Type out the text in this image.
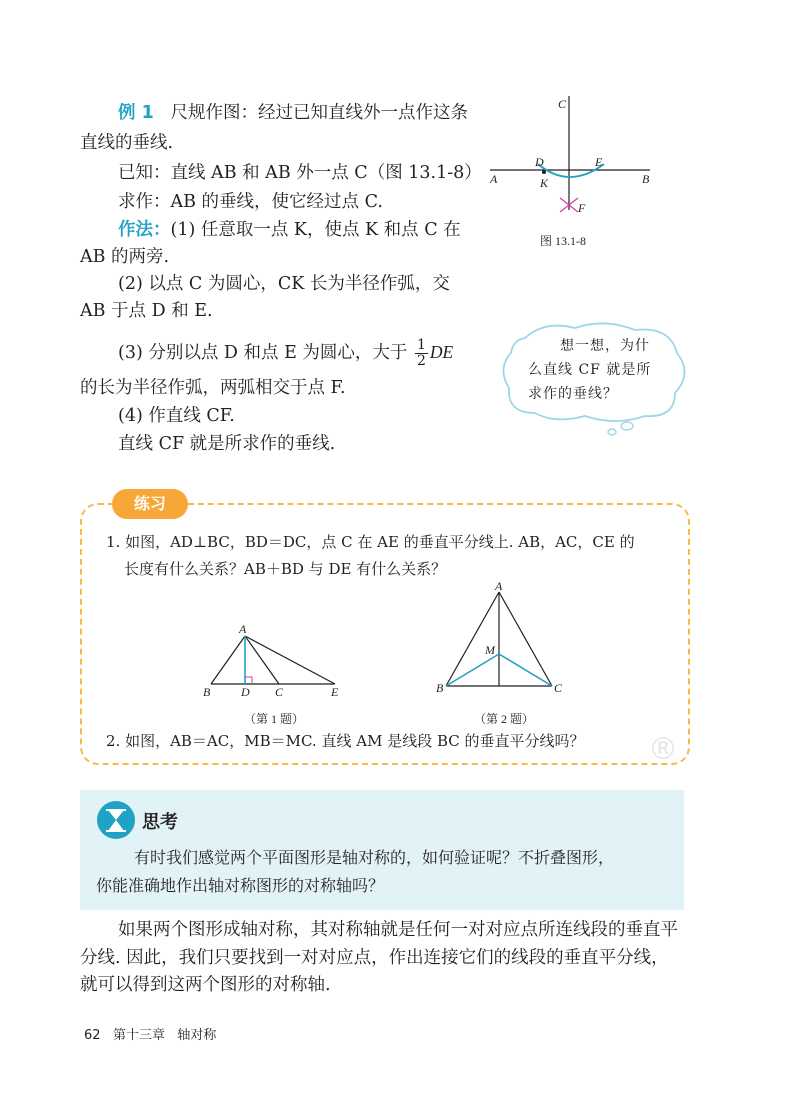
例 1 尺规作图：经过已知直线外一点作这条
直线的垂线.
已知：直线 AB 和 AB 外一点 C（图 13.1-8）
求作：AB 的垂线，使它经过点 C.
作法：(1) 任意取一点 K，使点 K 和点 C 在
AB 的两旁.
(2) 以点 C 为圆心，CK 长为半径作弧，交
AB 于点 D 和 E.
(3) 分别以点 D 和点 E 为圆心，大于 $\frac{1}{2}$ DE
的长为半径作弧，两弧相交于点 F.
(4) 作直线 CF.
直线 CF 就是所求作的垂线.
C
D	E
A	B
K
F
图 13.1-8
想一想，为什
么直线 CF 就是所
求作的垂线？
练习
1. 如图，AD⊥BC，BD＝DC，点 C 在 AE 的垂直平分线上. AB，AC，CE 的
长度有什么关系？AB＋BD 与 DE 有什么关系？
A
B	D C	E
（第 1 题）
A
M
B	C
（第 2 题）
2. 如图，AB＝AC，MB＝MC. 直线 AM 是线段 BC 的垂直平分线吗？ ®
思考
有时我们感觉两个平面图形是轴对称的，如何验证呢？不折叠图形，
你能准确地作出轴对称图形的对称轴吗？
如果两个图形成轴对称，其对称轴就是任何一对对应点所连线段的垂直平
分线. 因此，我们只要找到一对对应点，作出连接它们的线段的垂直平分线，
就可以得到这两个图形的对称轴.
62 第十三章 轴对称
